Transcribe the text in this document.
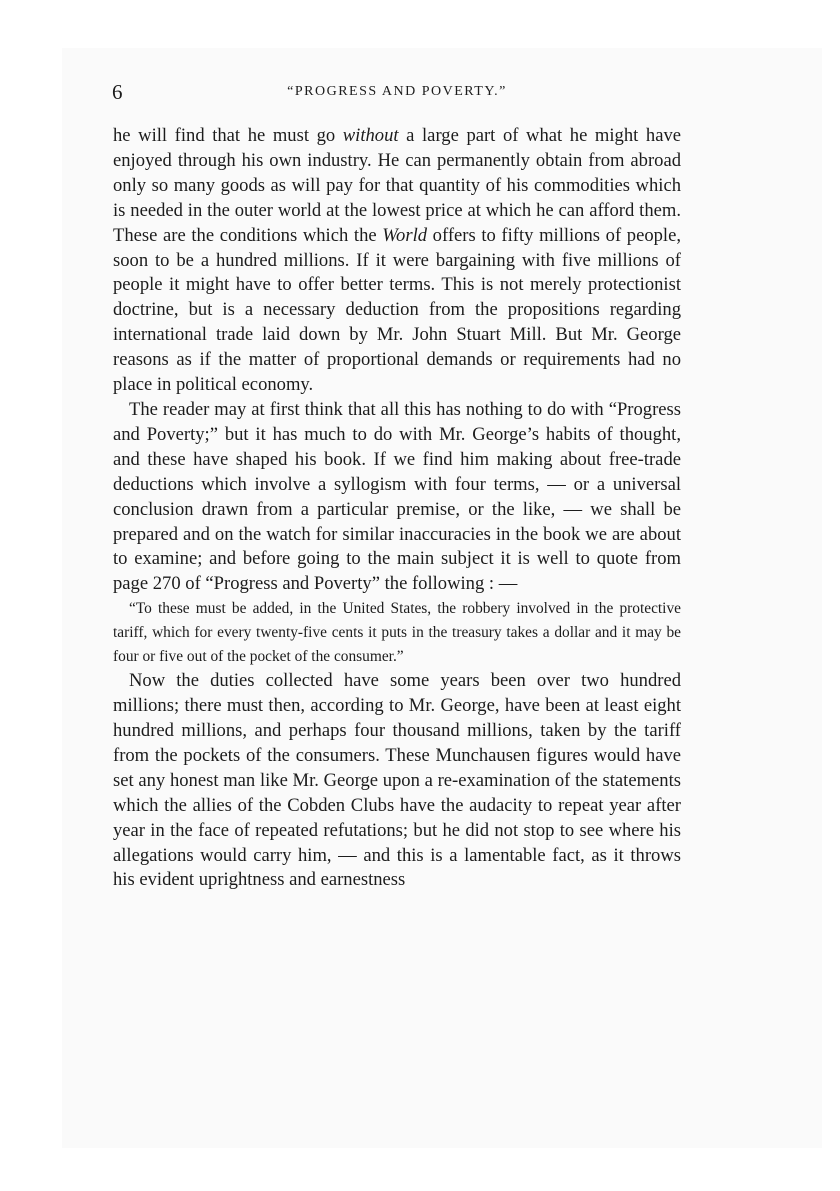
6	“PROGRESS AND POVERTY.”

he will find that he must go without a large part of what he might have enjoyed through his own industry. He can permanently obtain from abroad only so many goods as will pay for that quantity of his commodities which is needed in the outer world at the lowest price at which he can afford them. These are the conditions which the World offers to fifty millions of people, soon to be a hundred millions. If it were bargaining with five millions of people it might have to offer better terms. This is not merely protectionist doctrine, but is a necessary deduction from the propositions regarding international trade laid down by Mr. John Stuart Mill. But Mr. George reasons as if the matter of proportional demands or requirements had no place in political economy.

The reader may at first think that all this has nothing to do with “Progress and Poverty;” but it has much to do with Mr. George’s habits of thought, and these have shaped his book. If we find him making about free-trade deductions which involve a syllogism with four terms, — or a universal conclusion drawn from a particular premise, or the like, — we shall be prepared and on the watch for similar inaccuracies in the book we are about to examine; and before going to the main subject it is well to quote from page 270 of “Progress and Poverty” the following : —

“To these must be added, in the United States, the robbery involved in the protective tariff, which for every twenty-five cents it puts in the treasury takes a dollar and it may be four or five out of the pocket of the consumer.”

Now the duties collected have some years been over two hundred millions; there must then, according to Mr. George, have been at least eight hundred millions, and perhaps four thousand millions, taken by the tariff from the pockets of the consumers. These Munchausen figures would have set any honest man like Mr. George upon a re-examination of the statements which the allies of the Cobden Clubs have the audacity to repeat year after year in the face of repeated refutations; but he did not stop to see where his allegations would carry him, — and this is a lamentable fact, as it throws his evident uprightness and earnestness
